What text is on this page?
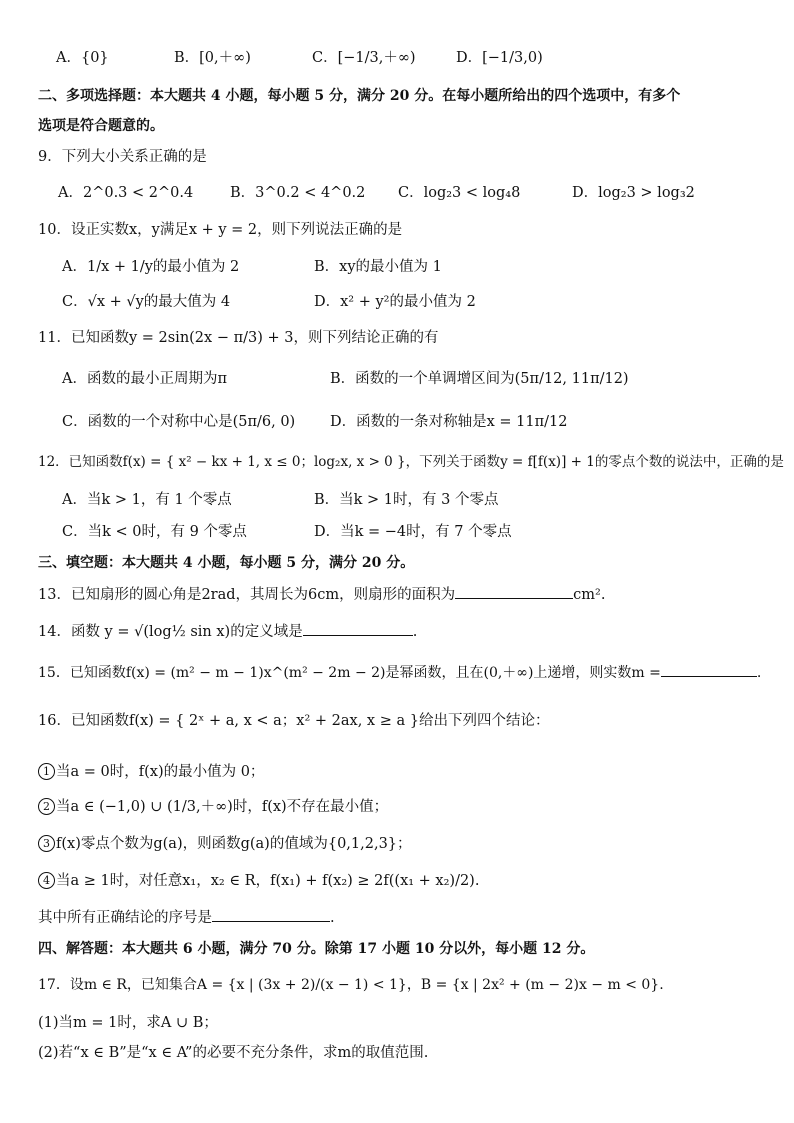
A．{0}	B．[0,＋∞)	C．[−1/3,＋∞)	D．[−1/3,0)
二、多项选择题：本大题共 4 小题，每小题 5 分，满分 20 分。在每小题所给出的四个选项中，有多个
选项是符合题意的。
9．下列大小关系正确的是
A．2^0.3 < 2^0.4	B．3^0.2 < 4^0.2 C．log₂3 < log₄8	D．log₂3 > log₃2
10．设正实数x，y满足x + y = 2，则下列说法正确的是
A．1/x + 1/y的最小值为 2	B．xy的最小值为 1
C．√x + √y的最大值为 4	D．x² + y²的最小值为 2
11．已知函数y = 2sin(2x − π/3) + 3，则下列结论正确的有
A．函数的最小正周期为π	B．函数的一个单调增区间为(5π/12, 11π/12)
C．函数的一个对称中心是(5π/6, 0) D．函数的一条对称轴是x = 11π/12
12．已知函数f(x) = { x² − kx + 1, x ≤ 0；log₂x, x > 0 }，下列关于函数y = f[f(x)] + 1的零点个数的说法中，正确的是
A．当k > 1，有 1 个零点	B．当k > 1时，有 3 个零点
C．当k < 0时，有 9 个零点	D．当k = −4时，有 7 个零点
三、填空题：本大题共 4 小题，每小题 5 分，满分 20 分。
13．已知扇形的圆心角是2rad，其周长为6cm，则扇形的面积为	cm².
14．函数 y = √(log½ sin x)的定义域是	.
15．已知函数f(x) = (m² − m − 1)x^(m² − 2m − 2)是幂函数，且在(0,＋∞)上递增，则实数m =	.
16．已知函数f(x) = { 2ˣ + a, x < a；x² + 2ax, x ≥ a }给出下列四个结论：
1 当a = 0时，f(x)的最小值为 0；
2 当a ∈ (−1,0) ∪ (1/3,＋∞)时，f(x)不存在最小值；
3 f(x)零点个数为g(a)，则函数g(a)的值域为{0,1,2,3}；
4 当a ≥ 1时，对任意x₁，x₂ ∈ R，f(x₁) + f(x₂) ≥ 2f((x₁ + x₂)/2).
其中所有正确结论的序号是	.
四、解答题：本大题共 6 小题，满分 70 分。除第 17 小题 10 分以外，每小题 12 分。
17．设m ∈ R，已知集合A = {x | (3x + 2)/(x − 1) < 1}，B = {x | 2x² + (m − 2)x − m < 0}.
(1)当m = 1时，求A ∪ B；
(2)若“x ∈ B”是“x ∈ A”的必要不充分条件，求m的取值范围.
